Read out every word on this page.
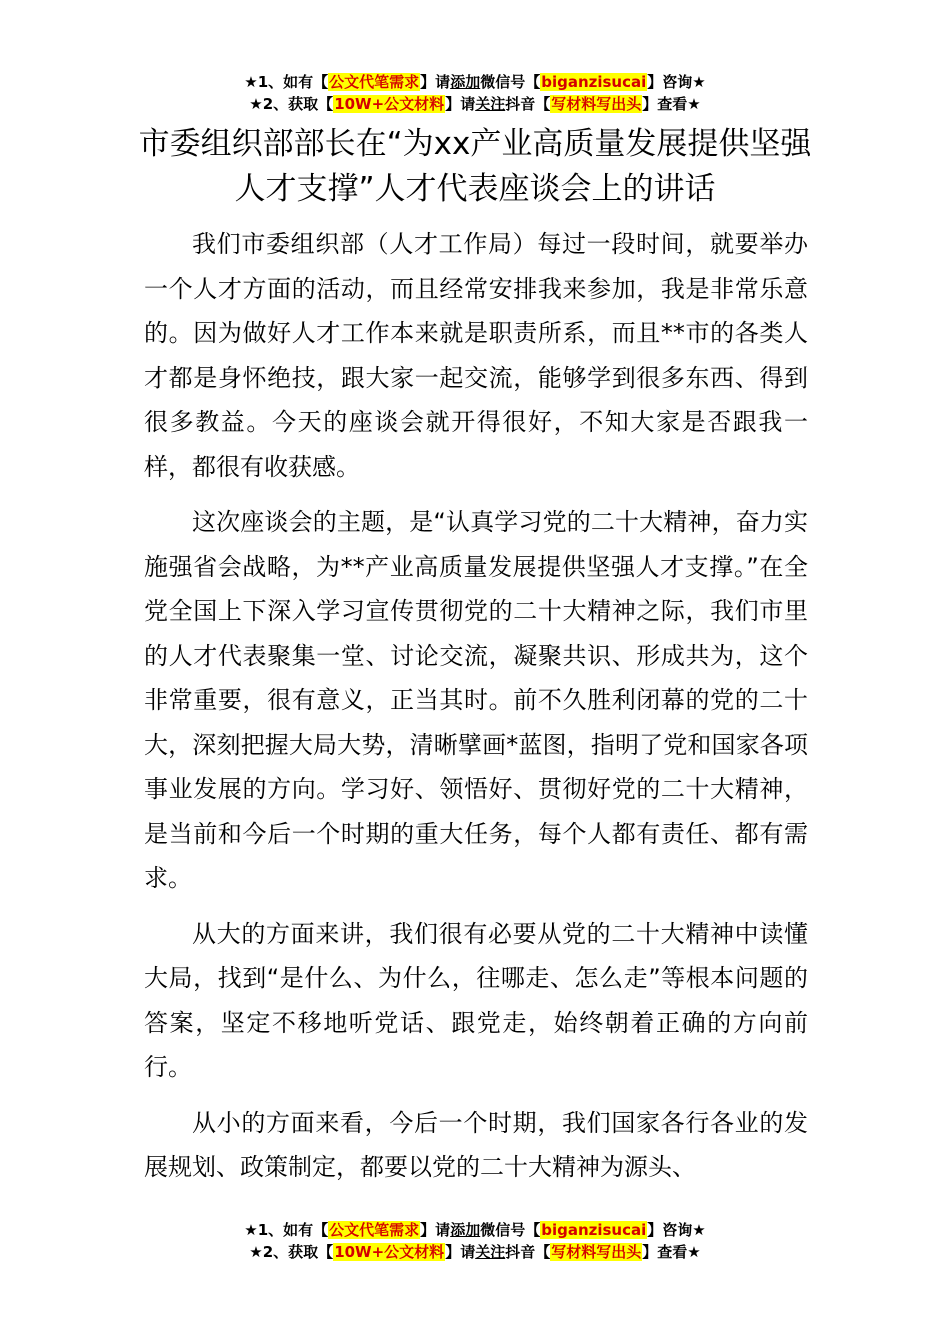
★1、如有【公文代笔需求】请添加微信号【biganzisucai】咨询★
★2、获取【10W+公文材料】请关注抖音【写材料写出头】查看★
市委组织部部长在“为xx产业高质量发展提供坚强人才支撑”人才代表座谈会上的讲话

我们市委组织部（人才工作局）每过一段时间，就要举办一个人才方面的活动，而且经常安排我来参加，我是非常乐意的。因为做好人才工作本来就是职责所系，而且**市的各类人才都是身怀绝技，跟大家一起交流，能够学到很多东西、得到很多教益。今天的座谈会就开得很好，不知大家是否跟我一样，都很有收获感。

这次座谈会的主题，是“认真学习党的二十大精神，奋力实施强省会战略，为**产业高质量发展提供坚强人才支撑。”在全党全国上下深入学习宣传贯彻党的二十大精神之际，我们市里的人才代表聚集一堂、讨论交流，凝聚共识、形成共为，这个非常重要，很有意义，正当其时。前不久胜利闭幕的党的二十大，深刻把握大局大势，清晰擘画*蓝图，指明了党和国家各项事业发展的方向。学习好、领悟好、贯彻好党的二十大精神，是当前和今后一个时期的重大任务，每个人都有责任、都有需求。

从大的方面来讲，我们很有必要从党的二十大精神中读懂大局，找到“是什么、为什么，往哪走、怎么走”等根本问题的答案，坚定不移地听党话、跟党走，始终朝着正确的方向前行。

从小的方面来看，今后一个时期，我们国家各行各业的发展规划、政策制定，都要以党的二十大精神为源头、

★1、如有【公文代笔需求】请添加微信号【biganzisucai】咨询★
★2、获取【10W+公文材料】请关注抖音【写材料写出头】查看★
